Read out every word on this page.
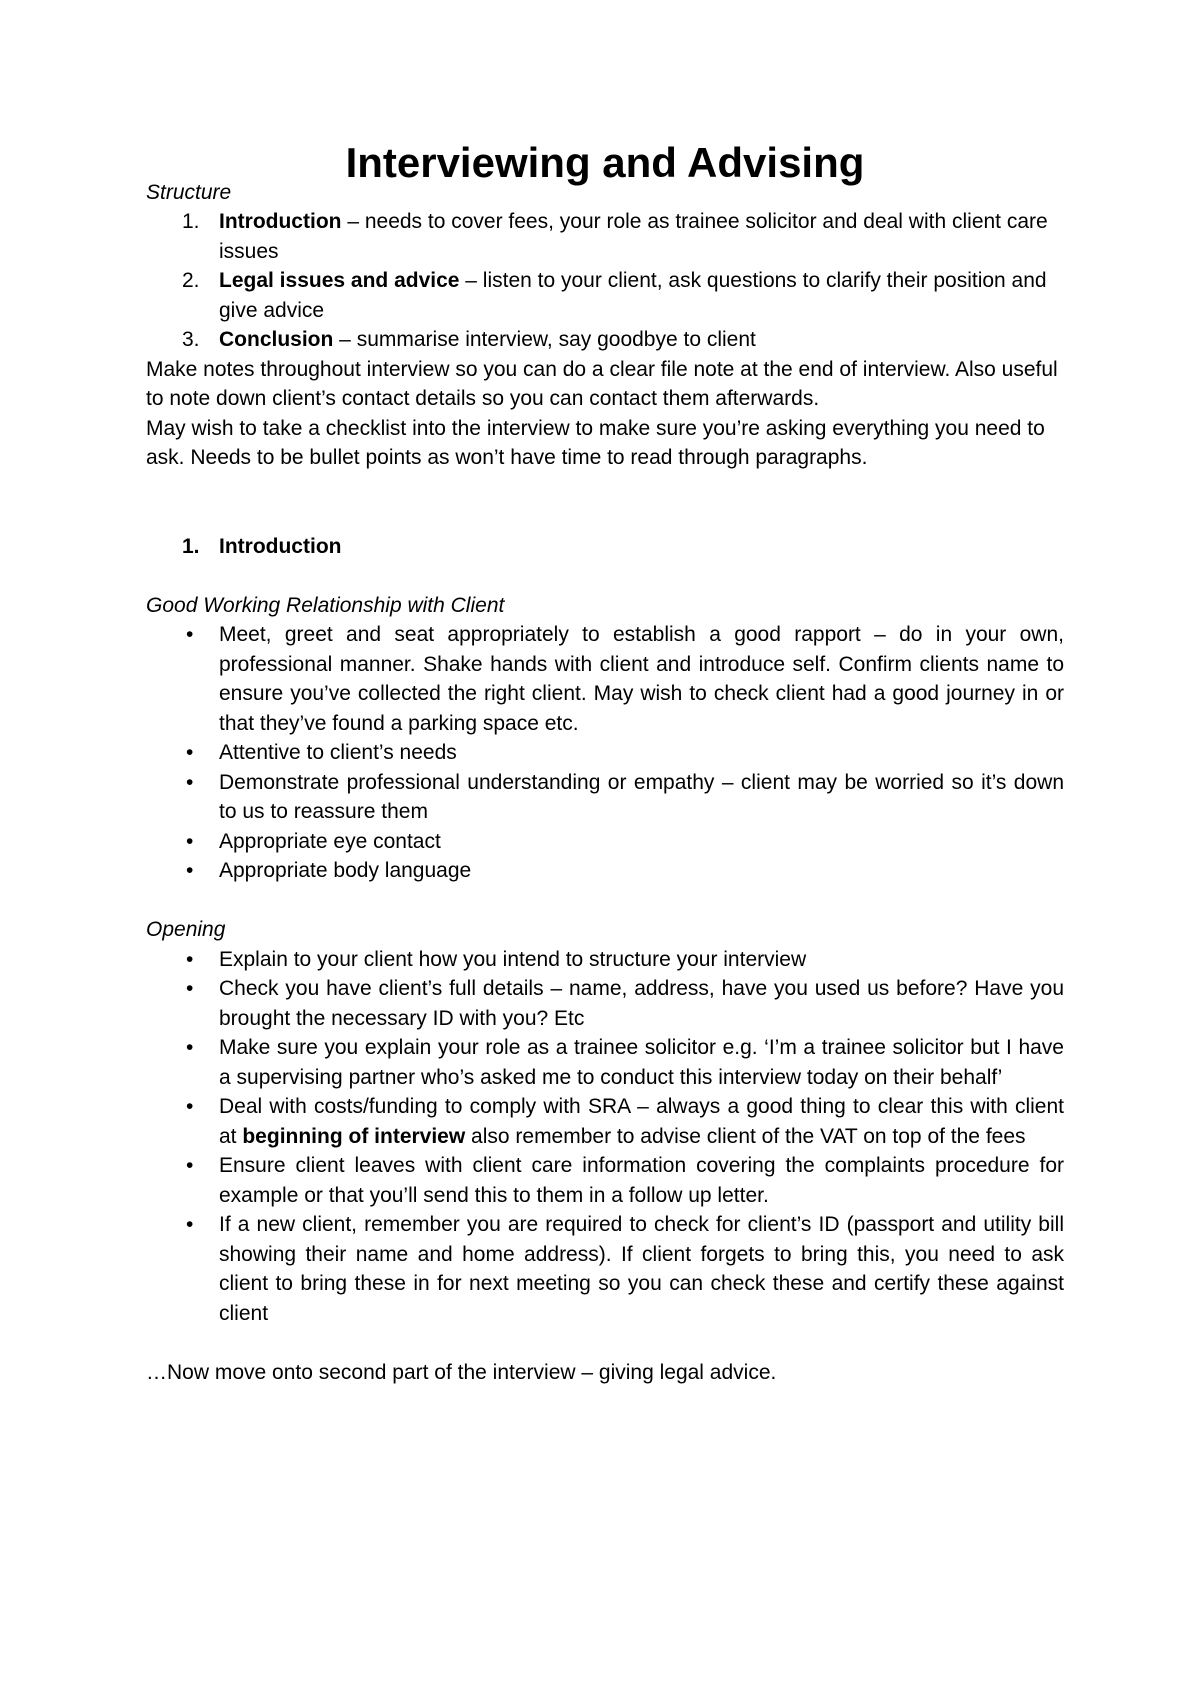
Interviewing and Advising

Structure

1. Introduction – needs to cover fees, your role as trainee solicitor and deal with client care issues
2. Legal issues and advice – listen to your client, ask questions to clarify their position and give advice
3. Conclusion – summarise interview, say goodbye to client

Make notes throughout interview so you can do a clear file note at the end of interview. Also useful to note down client’s contact details so you can contact them afterwards.

May wish to take a checklist into the interview to make sure you’re asking everything you need to ask. Needs to be bullet points as won’t have time to read through paragraphs.

1. Introduction

Good Working Relationship with Client

• Meet, greet and seat appropriately to establish a good rapport – do in your own, professional manner. Shake hands with client and introduce self. Confirm clients name to ensure you’ve collected the right client. May wish to check client had a good journey in or that they’ve found a parking space etc.
• Attentive to client’s needs
• Demonstrate professional understanding or empathy – client may be worried so it’s down to us to reassure them
• Appropriate eye contact
• Appropriate body language

Opening

• Explain to your client how you intend to structure your interview
• Check you have client’s full details – name, address, have you used us before? Have you brought the necessary ID with you? Etc
• Make sure you explain your role as a trainee solicitor e.g. ‘I’m a trainee solicitor but I have a supervising partner who’s asked me to conduct this interview today on their behalf’
• Deal with costs/funding to comply with SRA – always a good thing to clear this with client at beginning of interview also remember to advise client of the VAT on top of the fees
• Ensure client leaves with client care information covering the complaints procedure for example or that you’ll send this to them in a follow up letter.
• If a new client, remember you are required to check for client’s ID (passport and utility bill showing their name and home address). If client forgets to bring this, you need to ask client to bring these in for next meeting so you can check these and certify these against client

…Now move onto second part of the interview – giving legal advice.
